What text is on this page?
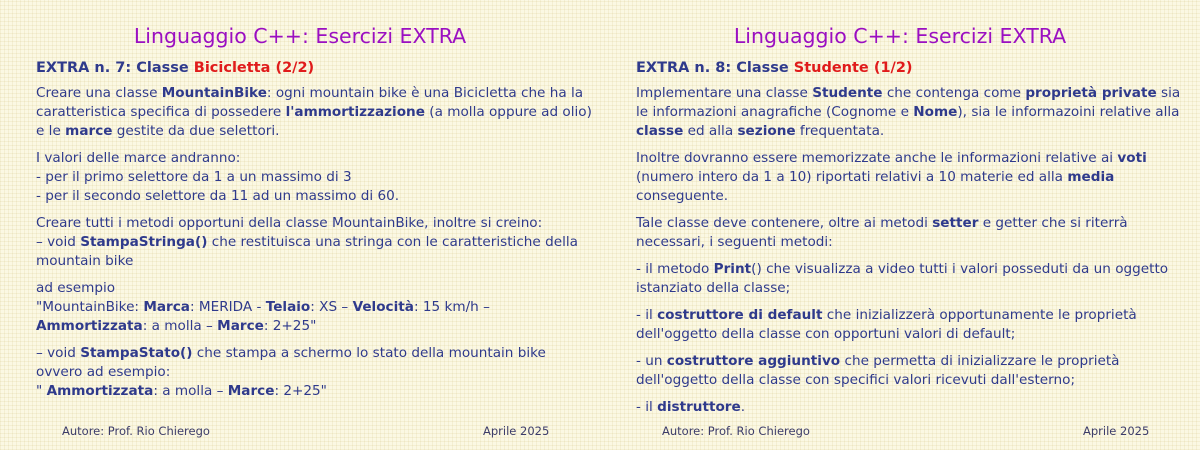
Linguaggio C++: Esercizi EXTRA
EXTRA n. 7: Classe Bicicletta (2/2)
Creare una classe MountainBike: ogni mountain bike è una Bicicletta che ha la
caratteristica specifica di possedere l'ammortizzazione (a molla oppure ad olio)
e le marce gestite da due selettori.
I valori delle marce andranno:
- per il primo selettore da 1 a un massimo di 3
- per il secondo selettore da 11 ad un massimo di 60.
Creare tutti i metodi opportuni della classe MountainBike, inoltre si creino:
– void StampaStringa() che restituisca una stringa con le caratteristiche della
mountain bike
ad esempio
"MountainBike: Marca: MERIDA - Telaio: XS – Velocità: 15 km/h –
Ammortizzata: a molla – Marce: 2+25"
– void StampaStato() che stampa a schermo lo stato della mountain bike
ovvero ad esempio:
" Ammortizzata: a molla – Marce: 2+25"
Autore: Prof. Rio Chierego	Aprile 2025
Linguaggio C++: Esercizi EXTRA
EXTRA n. 8: Classe Studente (1/2)
Implementare una classe Studente che contenga come proprietà private sia
le informazioni anagrafiche (Cognome e Nome), sia le informazoini relative alla
classe ed alla sezione frequentata.
Inoltre dovranno essere memorizzate anche le informazioni relative ai voti
(numero intero da 1 a 10) riportati relativi a 10 materie ed alla media
conseguente.
Tale classe deve contenere, oltre ai metodi setter e getter che si riterrà
necessari, i seguenti metodi:
- il metodo Print() che visualizza a video tutti i valori posseduti da un oggetto
istanziato della classe;
- il costruttore di default che inizializzerà opportunamente le proprietà
dell'oggetto della classe con opportuni valori di default;
- un costruttore aggiuntivo che permetta di inizializzare le proprietà
dell'oggetto della classe con specifici valori ricevuti dall'esterno;
- il distruttore.
Autore: Prof. Rio Chierego	Aprile 2025
